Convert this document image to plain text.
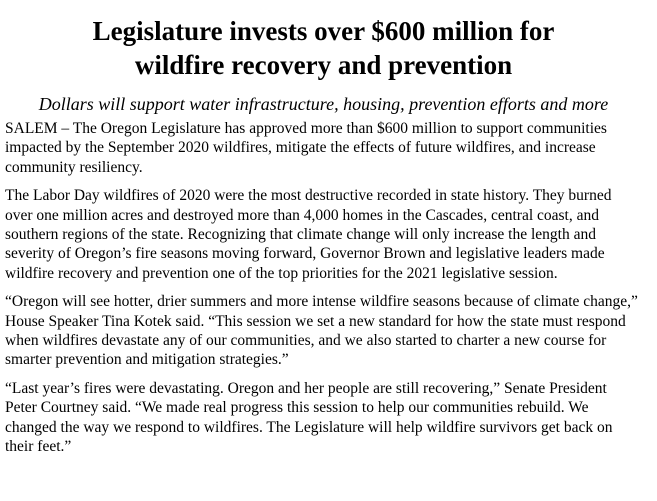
Legislature invests over $600 million for
wildfire recovery and prevention

Dollars will support water infrastructure, housing, prevention efforts and more

SALEM – The Oregon Legislature has approved more than $600 million to support communities impacted by the September 2020 wildfires, mitigate the effects of future wildfires, and increase community resiliency.

The Labor Day wildfires of 2020 were the most destructive recorded in state history. They burned over one million acres and destroyed more than 4,000 homes in the Cascades, central coast, and southern regions of the state. Recognizing that climate change will only increase the length and severity of Oregon’s fire seasons moving forward, Governor Brown and legislative leaders made wildfire recovery and prevention one of the top priorities for the 2021 legislative session.

“Oregon will see hotter, drier summers and more intense wildfire seasons because of climate change,” House Speaker Tina Kotek said. “This session we set a new standard for how the state must respond when wildfires devastate any of our communities, and we also started to charter a new course for smarter prevention and mitigation strategies.”

“Last year’s fires were devastating. Oregon and her people are still recovering,” Senate President Peter Courtney said. “We made real progress this session to help our communities rebuild. We changed the way we respond to wildfires. The Legislature will help wildfire survivors get back on their feet.”
